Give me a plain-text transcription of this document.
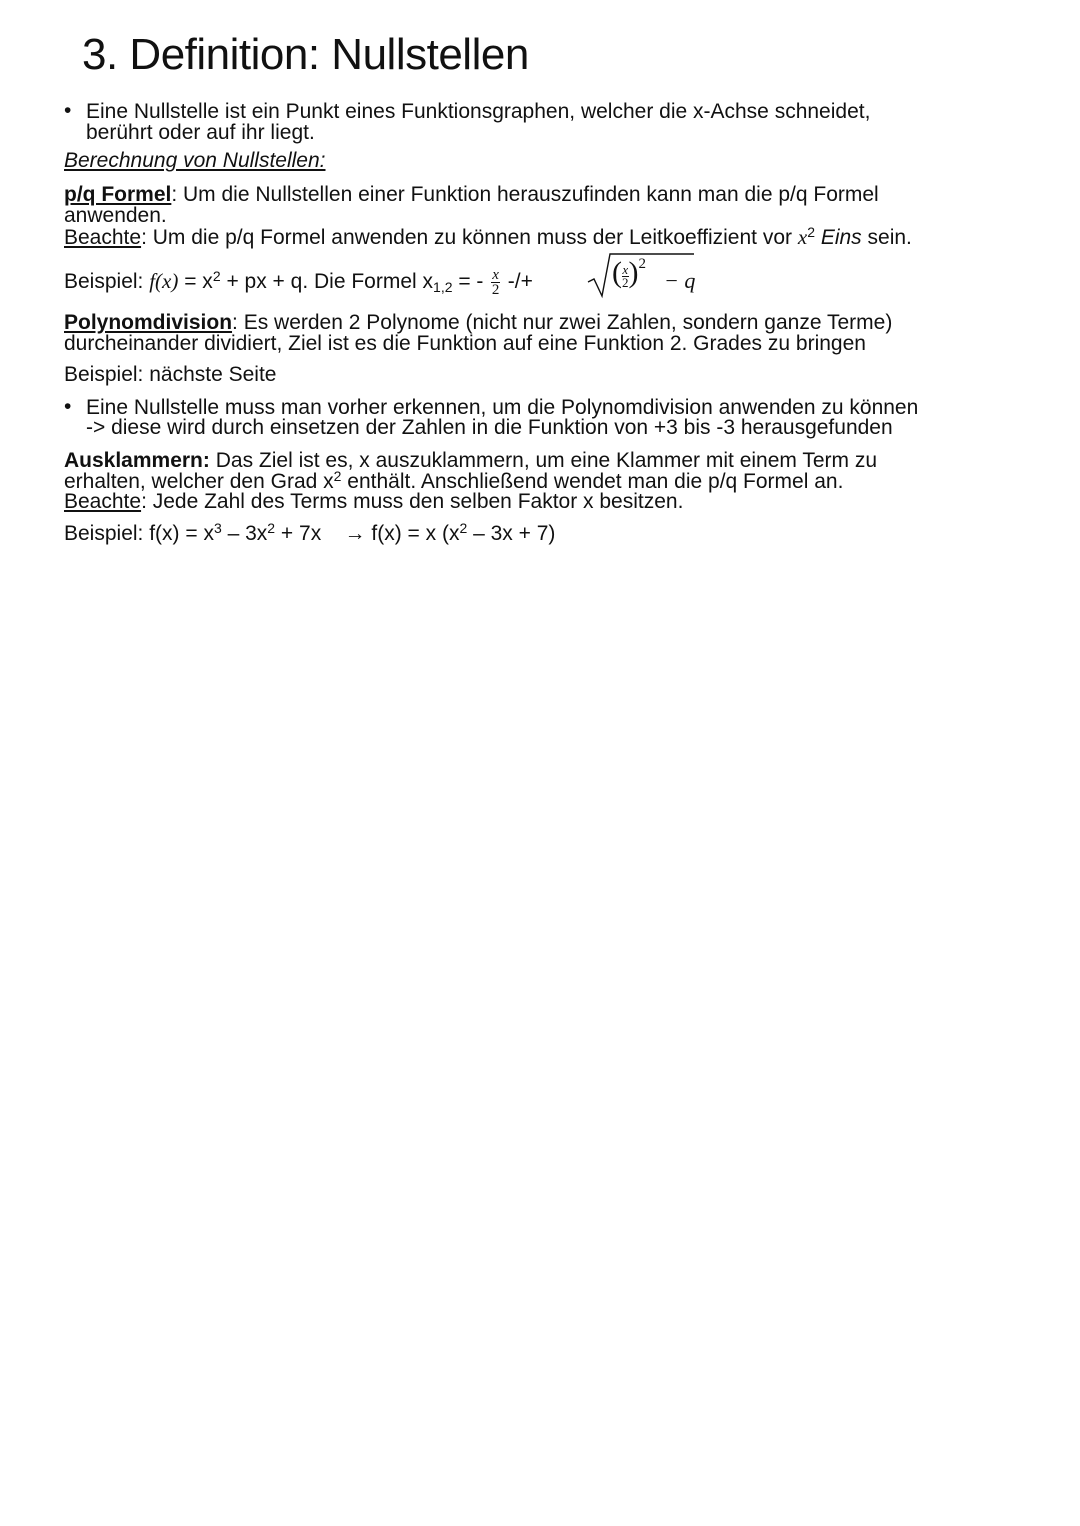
3. Definition: Nullstellen
• Eine Nullstelle ist ein Punkt eines Funktionsgraphen, welcher die x-Achse schneidet,
berührt oder auf ihr liegt.
Berechnung von Nullstellen:
p/q Formel: Um die Nullstellen einer Funktion herauszufinden kann man die p/q Formel
anwenden.
Beachte: Um die p/q Formel anwenden zu können muss der Leitkoeffizient vor $x^2$ Eins sein.
Beispiel: $f(x) = x^2$ + px + q. Die Formel $x_{1,2}$ = - $\frac{x}{2}$ -/+	( $\frac{x}{2} )^2$
− q
Polynomdivision: Es werden 2 Polynome (nicht nur zwei Zahlen, sondern ganze Terme)
durcheinander dividiert, Ziel ist es die Funktion auf eine Funktion 2. Grades zu bringen
Beispiel: nächste Seite
• Eine Nullstelle muss man vorher erkennen, um die Polynomdivision anwenden zu können
-> diese wird durch einsetzen der Zahlen in die Funktion von +3 bis -3 herausgefunden
Ausklammern: Das Ziel ist es, x auszuklammern, um eine Klammer mit einem Term zu
erhalten, welcher den Grad $x^2$ enthält. Anschließend wendet man die p/q Formel an.
Beachte: Jede Zahl des Terms muss den selben Faktor x besitzen.
Beispiel: $f(x) = x^3 - 3x^2 + 7x$    → f(x) = x $(x^2 - 3x + 7)$
